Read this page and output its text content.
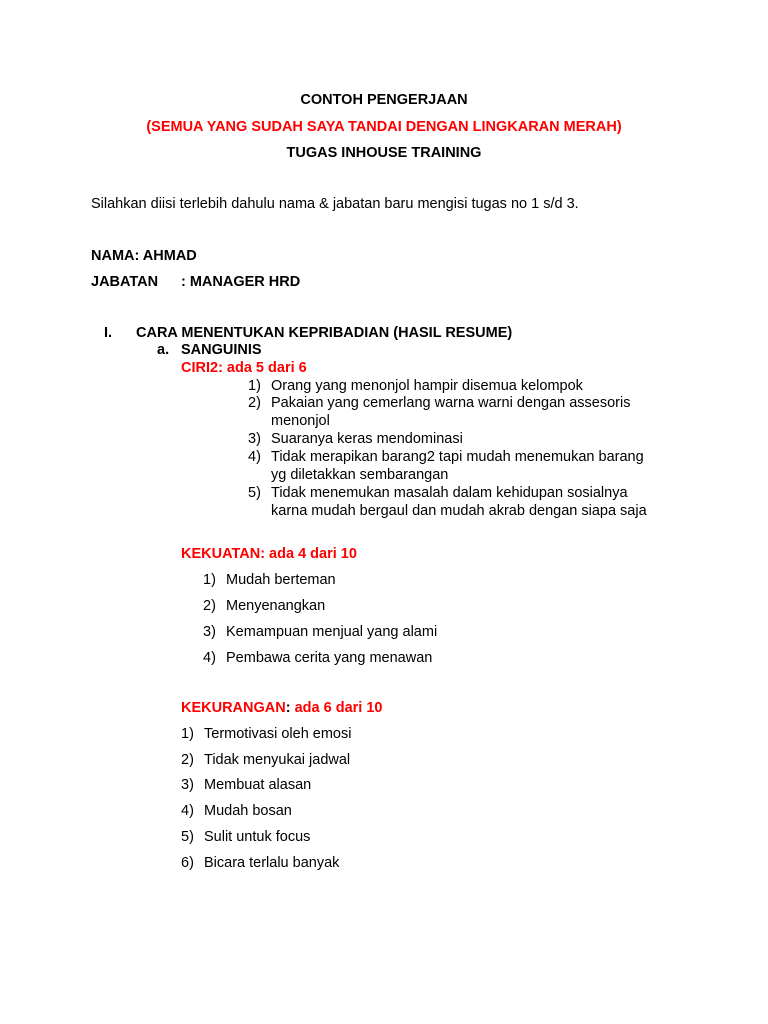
CONTOH PENGERJAAN
(SEMUA YANG SUDAH SAYA TANDAI DENGAN LINGKARAN MERAH)
TUGAS INHOUSE TRAINING
Silahkan diisi terlebih dahulu nama & jabatan baru mengisi tugas no 1 s/d 3.
NAMA: AHMAD
JABATAN : MANAGER HRD
I. CARA MENENTUKAN KEPRIBADIAN (HASIL RESUME)
a. SANGUINIS
CIRI2: ada 5 dari 6
1) Orang yang menonjol hampir disemua kelompok
2) Pakaian yang cemerlang warna warni dengan assesoris
menonjol
3) Suaranya keras mendominasi
4) Tidak merapikan barang2 tapi mudah menemukan barang
yg diletakkan sembarangan
5) Tidak menemukan masalah dalam kehidupan sosialnya
karna mudah bergaul dan mudah akrab dengan siapa saja
KEKUATAN: ada 4 dari 10
1) Mudah berteman
2) Menyenangkan
3) Kemampuan menjual yang alami
4) Pembawa cerita yang menawan
KEKURANGAN: ada 6 dari 10
1) Termotivasi oleh emosi
2) Tidak menyukai jadwal
3) Membuat alasan
4) Mudah bosan
5) Sulit untuk focus
6) Bicara terlalu banyak
